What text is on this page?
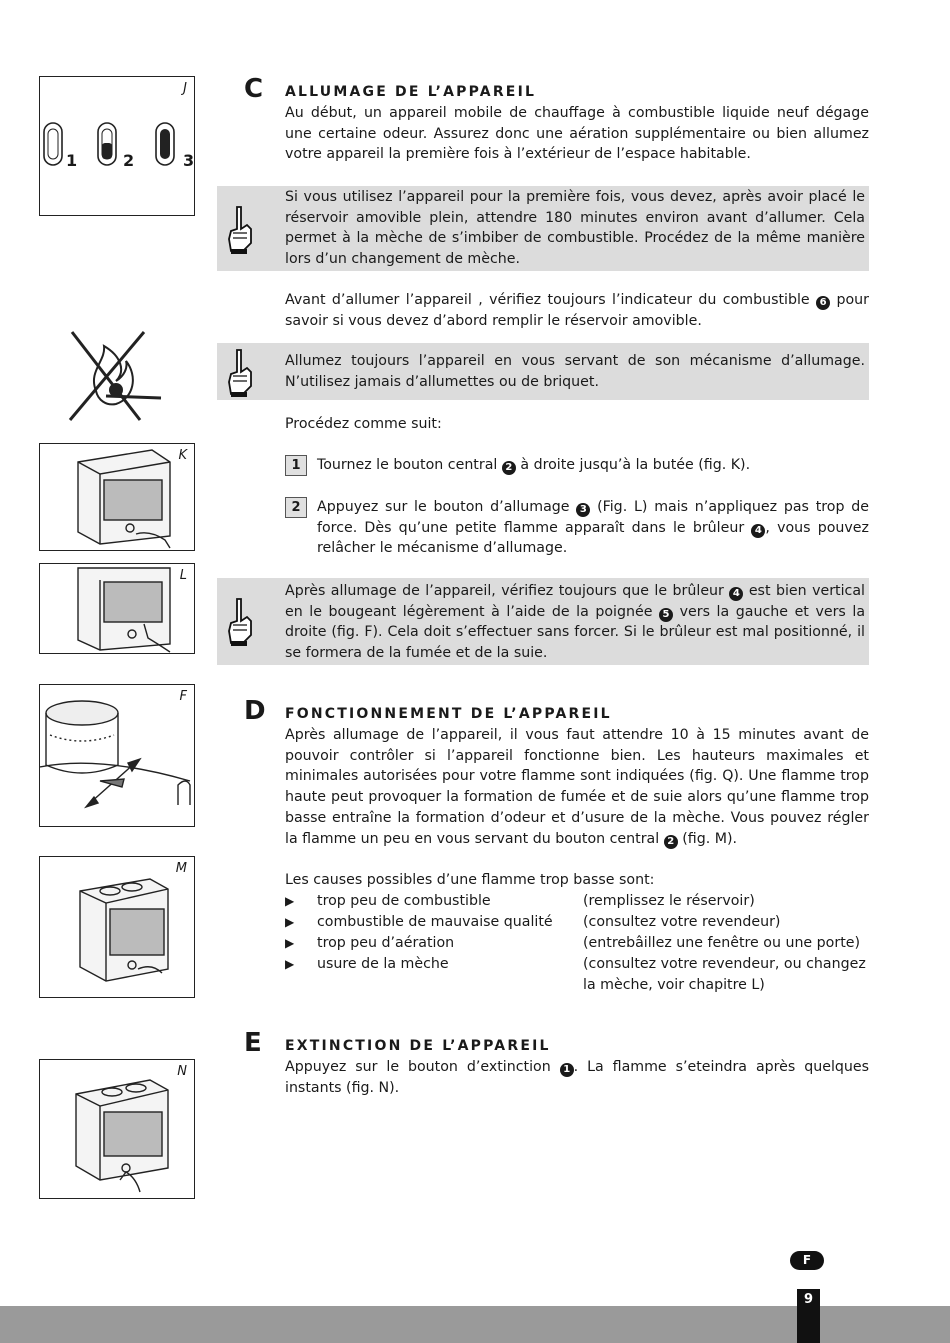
J
1	2	3
K
L
F
M
N
C ALLUMAGE DE L’APPAREIL
Au début, un appareil mobile de chauffage à combustible liquide neuf dégage une certaine odeur. Assurez donc une aération supplémentaire ou bien allumez votre appareil la première fois à l’extérieur de l’espace habitable.
Si vous utilisez l’appareil pour la première fois, vous devez, après avoir placé le réservoir amovible plein, attendre 180 minutes environ avant d’allumer. Cela permet à la mèche de s’imbiber de combustible. Procédez de la même manière lors d’un changement de mèche.
Avant d’allumer l’appareil , vérifiez toujours l’indicateur du combustible 6 pour savoir si vous devez d’abord remplir le réservoir amovible.
Allumez toujours l’appareil en vous servant de son mécanisme d’allumage. N’utilisez jamais d’allumettes ou de briquet.
Procédez comme suit:
1	Tournez le bouton central 2 à droite jusqu’à la butée (fig. K).
2	Appuyez sur le bouton d’allumage 3 (Fig. L) mais n’appliquez pas trop de force. Dès qu’une petite flamme apparaît dans le brûleur 4 , vous pouvez relâcher le mécanisme d’allumage.
Après allumage de l’appareil, vérifiez toujours que le brûleur 4 est bien vertical en le bougeant légèrement à l’aide de la poignée 5 vers la gauche et vers la droite (fig. F). Cela doit s’effectuer sans forcer. Si le brûleur est mal positionné, il se formera de la fumée et de la suie.
D FONCTIONNEMENT DE L’APPAREIL
Après allumage de l’appareil, il vous faut attendre 10 à 15 minutes avant de pouvoir contrôler si l’appareil fonctionne bien. Les hauteurs maximales et minimales autorisées pour votre flamme sont indiquées (fig. Q). Une flamme trop haute peut provoquer la formation de fumée et de suie alors qu’une flamme trop basse entraîne la formation d’odeur et d’usure de la mèche. Vous pouvez régler la flamme un peu en vous servant du bouton central 2 (fig. M).
Les causes possibles d’une flamme trop basse sont:
▶ trop peu de combustible	(remplissez le réservoir)
▶ combustible de mauvaise qualité (consultez votre revendeur)
▶ trop peu d’aération	(entrebâillez une fenêtre ou une porte)
▶ usure de la mèche	(consultez votre revendeur, ou changez la mèche, voir chapitre L)
E EXTINCTION DE L’APPAREIL
Appuyez sur le bouton d’extinction 1 . La flamme s’eteindra après quelques instants (fig. N).
F
9
